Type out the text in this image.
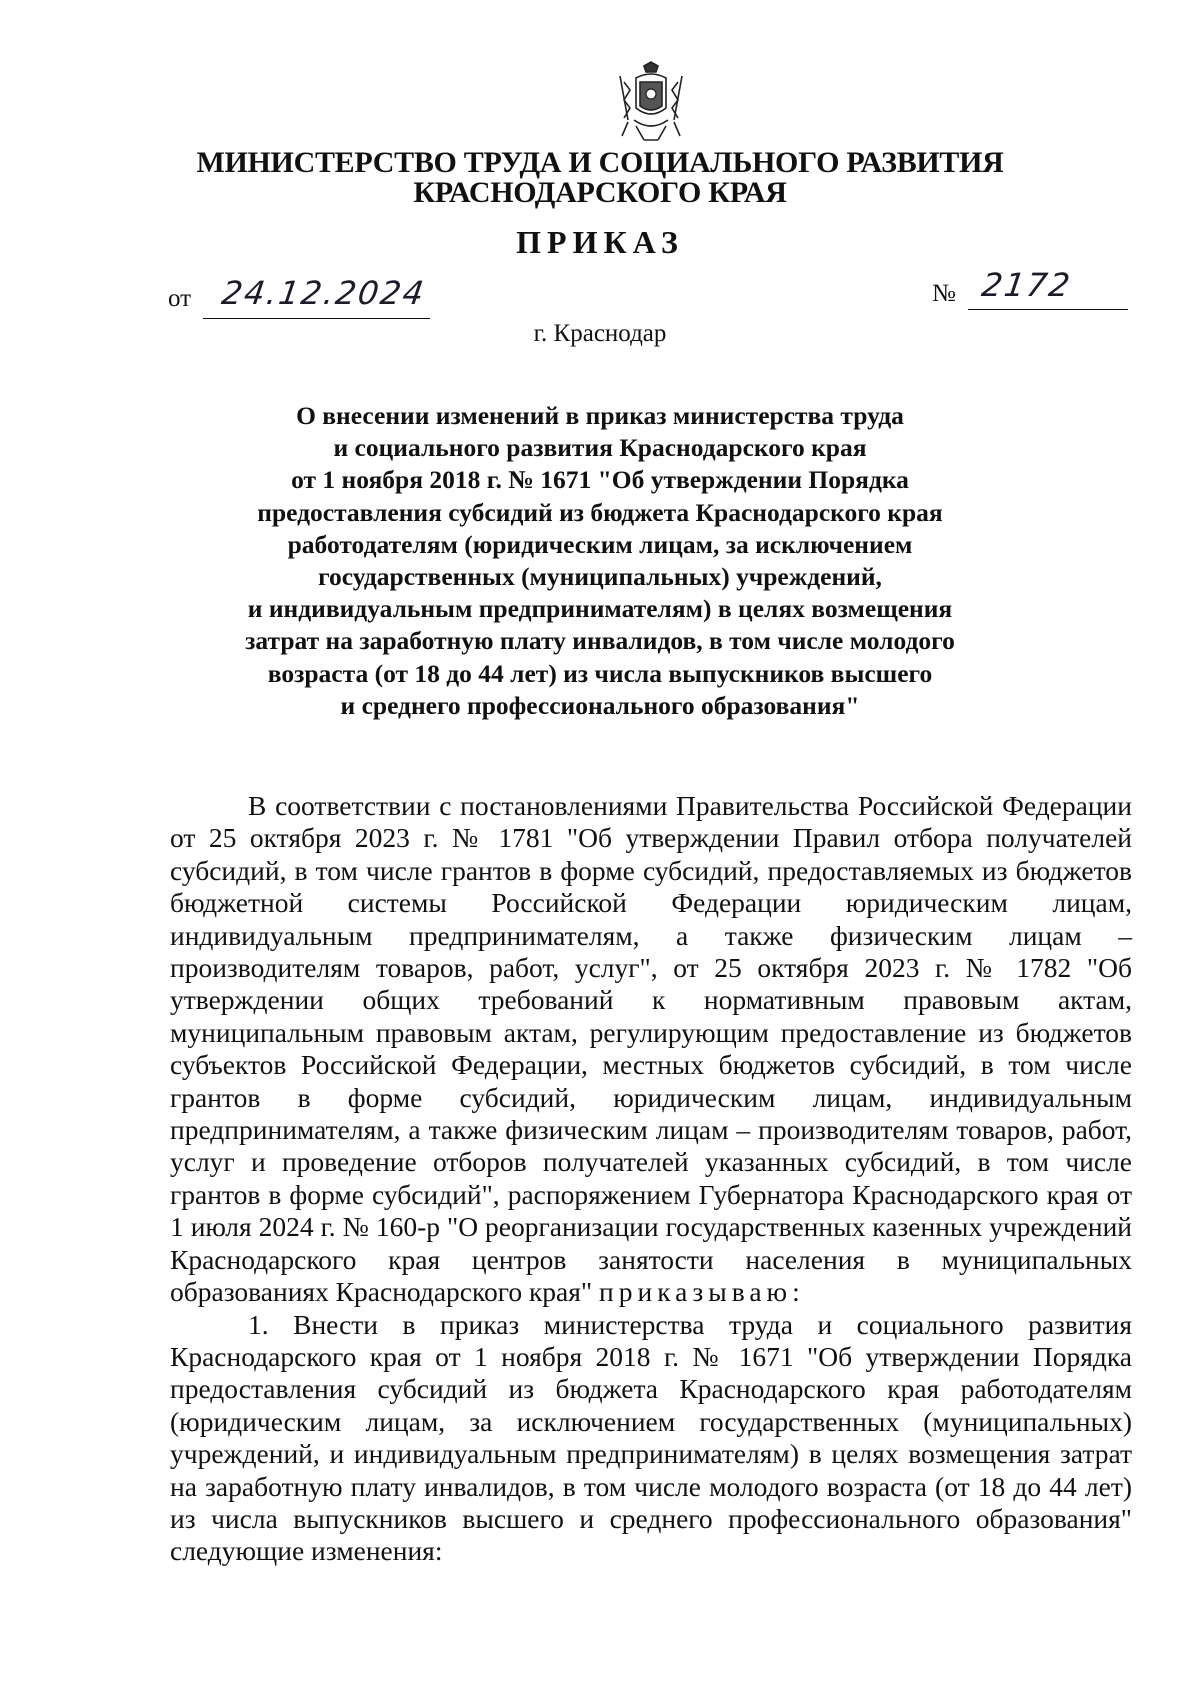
МИНИСТЕРСТВО ТРУДА И СОЦИАЛЬНОГО РАЗВИТИЯ
КРАСНОДАРСКОГО КРАЯ
ПРИКАЗ
от 24.12.2024	№ 2172
г. Краснодар
О внесении изменений в приказ министерства труда
и социального развития Краснодарского края
от 1 ноября 2018 г. № 1671 "Об утверждении Порядка
предоставления субсидий из бюджета Краснодарского края
работодателям (юридическим лицам, за исключением
государственных (муниципальных) учреждений,
и индивидуальным предпринимателям) в целях возмещения
затрат на заработную плату инвалидов, в том числе молодого
возраста (от 18 до 44 лет) из числа выпускников высшего
и среднего профессионального образования"

В соответствии с постановлениями Правительства Российской Федерации от 25 октября 2023 г. № 1781 "Об утверждении Правил отбора получателей субсидий, в том числе грантов в форме субсидий, предоставляемых из бюджетов бюджетной системы Российской Федерации юридическим лицам, индивидуальным предпринимателям, а также физическим лицам – производителям товаров, работ, услуг", от 25 октября 2023 г. № 1782 "Об утверждении общих требований к нормативным правовым актам, муниципальным правовым актам, регулирующим предоставление из бюджетов субъектов Российской Федерации, местных бюджетов субсидий, в том числе грантов в форме субсидий, юридическим лицам, индивидуальным предпринимателям, а также физическим лицам – производителям товаров, работ, услуг и проведение отборов получателей указанных субсидий, в том числе грантов в форме субсидий", распоряжением Губернатора Краснодарского края от 1 июля 2024 г. № 160-р "О реорганизации государственных казенных учреждений Краснодарского края центров занятости населения в муниципальных образованиях Краснодарского края" приказываю:

1. Внести в приказ министерства труда и социального развития Краснодарского края от 1 ноября 2018 г. № 1671 "Об утверждении Порядка предоставления субсидий из бюджета Краснодарского края работодателям (юридическим лицам, за исключением государственных (муниципальных) учреждений, и индивидуальным предпринимателям) в целях возмещения затрат на заработную плату инвалидов, в том числе молодого возраста (от 18 до 44 лет) из числа выпускников высшего и среднего профессионального образования" следующие изменения:
